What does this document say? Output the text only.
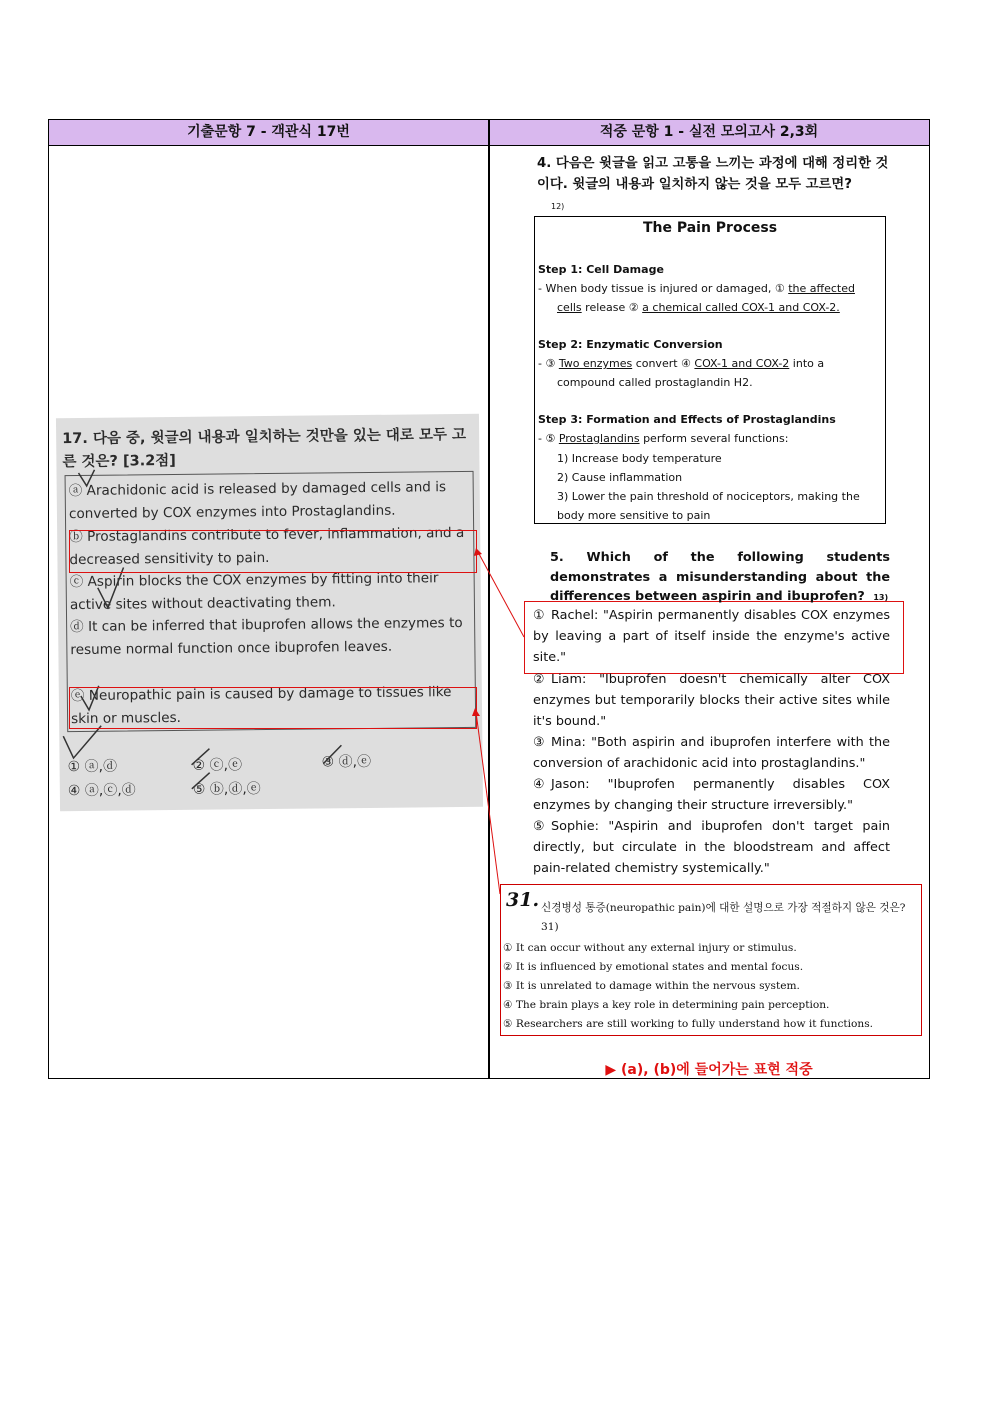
기출문항 7 - 객관식 17번	적중 문항 1 - 실전 모의고사 2,3회
17. 다음 중, 윗글의 내용과 일치하는 것만을 있는 대로 모두 고른 것은? [3.2점]
ⓐ Arachidonic acid is released by damaged cells and is converted by COX enzymes into Prostaglandins.
ⓑ Prostaglandins contribute to fever, inflammation, and a decreased sensitivity to pain.
ⓒ Aspirin blocks the COX enzymes by fitting into their active sites without deactivating them.
ⓓ It can be inferred that ibuprofen allows the enzymes to resume normal function once ibuprofen leaves.
ⓔ Neuropathic pain is caused by damage to tissues like skin or muscles.
① ⓐ,ⓓ	② ⓒ,ⓔ	③ ⓓ,ⓔ
④ ⓐ,ⓒ,ⓓ	⑤ ⓑ,ⓓ,ⓔ
4. 다음은 윗글을 읽고 고통을 느끼는 과정에 대해 정리한 것이다. 윗글의 내용과 일치하지 않는 것을 모두 고르면?
12)
The Pain Process
Step 1: Cell Damage
- When body tissue is injured or damaged, ① the affected
cells release ② a chemical called COX-1 and COX-2.
Step 2: Enzymatic Conversion
- ③ Two enzymes convert ④ COX-1 and COX-2 into a
compound called prostaglandin H2.
Step 3: Formation and Effects of Prostaglandins
- ⑤ Prostaglandins perform several functions:
1) Increase body temperature
2) Cause inflammation
3) Lower the pain threshold of nociceptors, making the
body more sensitive to pain
5. Which of the following students demonstrates a misunderstanding about the differences between aspirin and ibuprofen? 13)
① Rachel: "Aspirin permanently disables COX enzymes by leaving a part of itself inside the enzyme's active site."
② Liam: "Ibuprofen doesn't chemically alter COX enzymes but temporarily blocks their active sites while it's bound."
③ Mina: "Both aspirin and ibuprofen interfere with the conversion of arachidonic acid into prostaglandins."
④ Jason: "Ibuprofen permanently disables COX enzymes by changing their structure irreversibly."
⑤ Sophie: "Aspirin and ibuprofen don't target pain directly, but circulate in the bloodstream and affect pain-related chemistry systemically."
31. 신경병성 통증(neuropathic pain)에 대한 설명으로 가장 적절하지 않은 것은? 31)
① It can occur without any external injury or stimulus.
② It is influenced by emotional states and mental focus.
③ It is unrelated to damage within the nervous system.
④ The brain plays a key role in determining pain perception.
⑤ Researchers are still working to fully understand how it functions.
▶ (a), (b)에 들어가는 표현 적중
